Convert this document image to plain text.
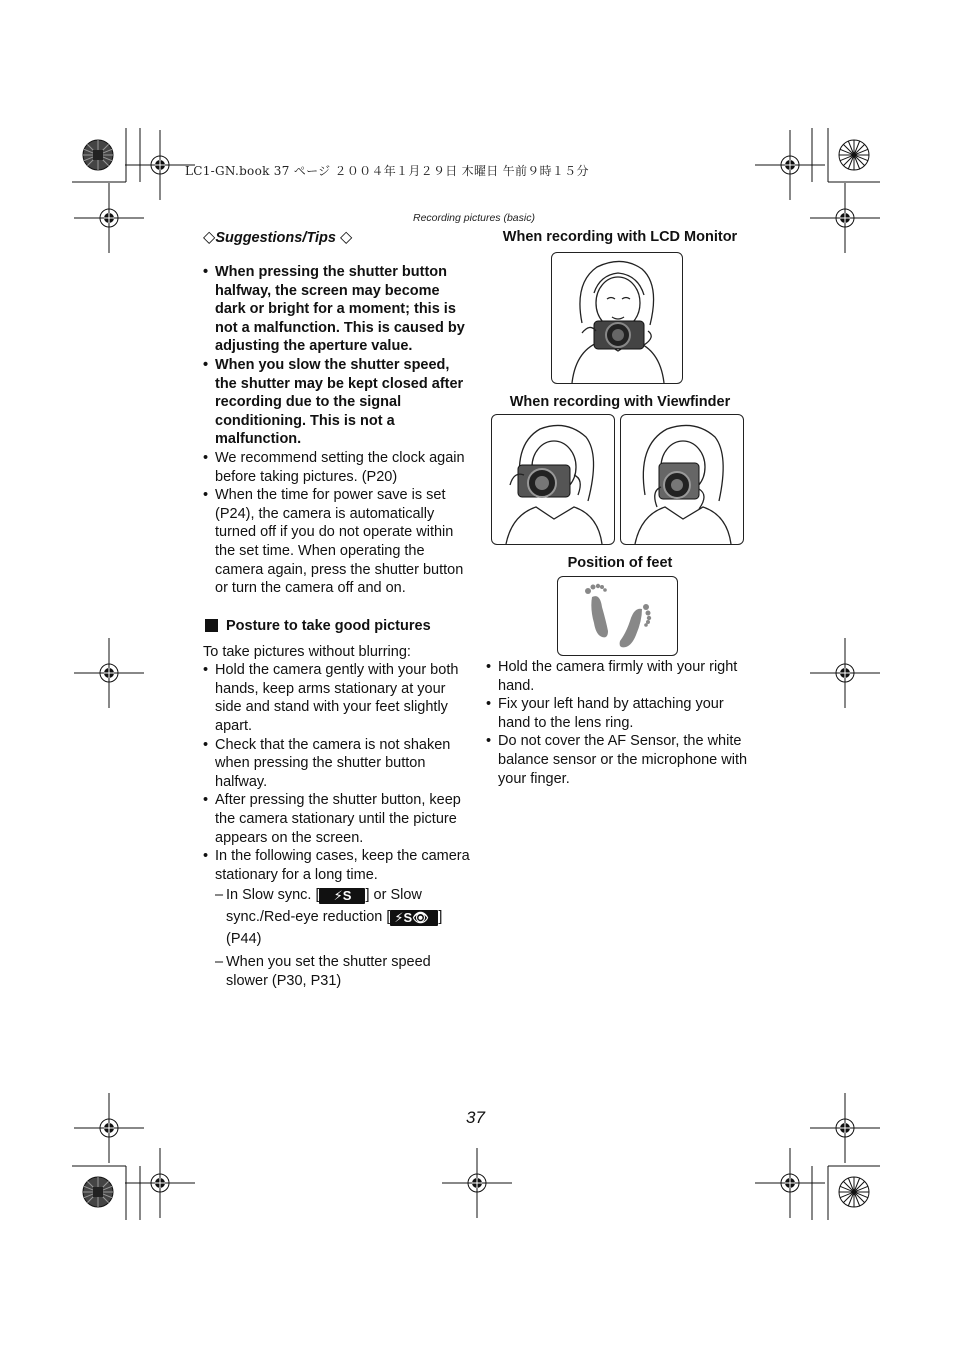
LC1-GN.book 37 ページ ２００４年１月２９日 木曜日 午前９時１５分
Recording pictures (basic)
◇Suggestions/Tips ◇
• When pressing the shutter button halfway, the screen may become dark or bright for a moment; this is not a malfunction. This is caused by adjusting the aperture value.
• When you slow the shutter speed, the shutter may be kept closed after recording due to the signal conditioning. This is not a malfunction.
• We recommend setting the clock again before taking pictures. (P20)
• When the time for power save is set (P24), the camera is automatically turned off if you do not operate within the set time. When operating the camera again, press the shutter button or turn the camera off and on.
Posture to take good pictures
To take pictures without blurring:
• Hold the camera gently with your both hands, keep arms stationary at your side and stand with your feet slightly apart.
• Check that the camera is not shaken when pressing the shutter button halfway.
• After pressing the shutter button, keep the camera stationary until the picture appears on the screen.
• In the following cases, keep the camera stationary for a long time.
– In Slow sync. [ ⚡S ] or Slow sync./Red-eye reduction [ ⚡S👁 ] (P44)
– When you set the shutter speed slower (P30, P31)
When recording with LCD Monitor
When recording with Viewfinder
Position of feet
• Hold the camera firmly with your right hand.
• Fix your left hand by attaching your hand to the lens ring.
• Do not cover the AF Sensor, the white balance sensor or the microphone with your finger.
37
